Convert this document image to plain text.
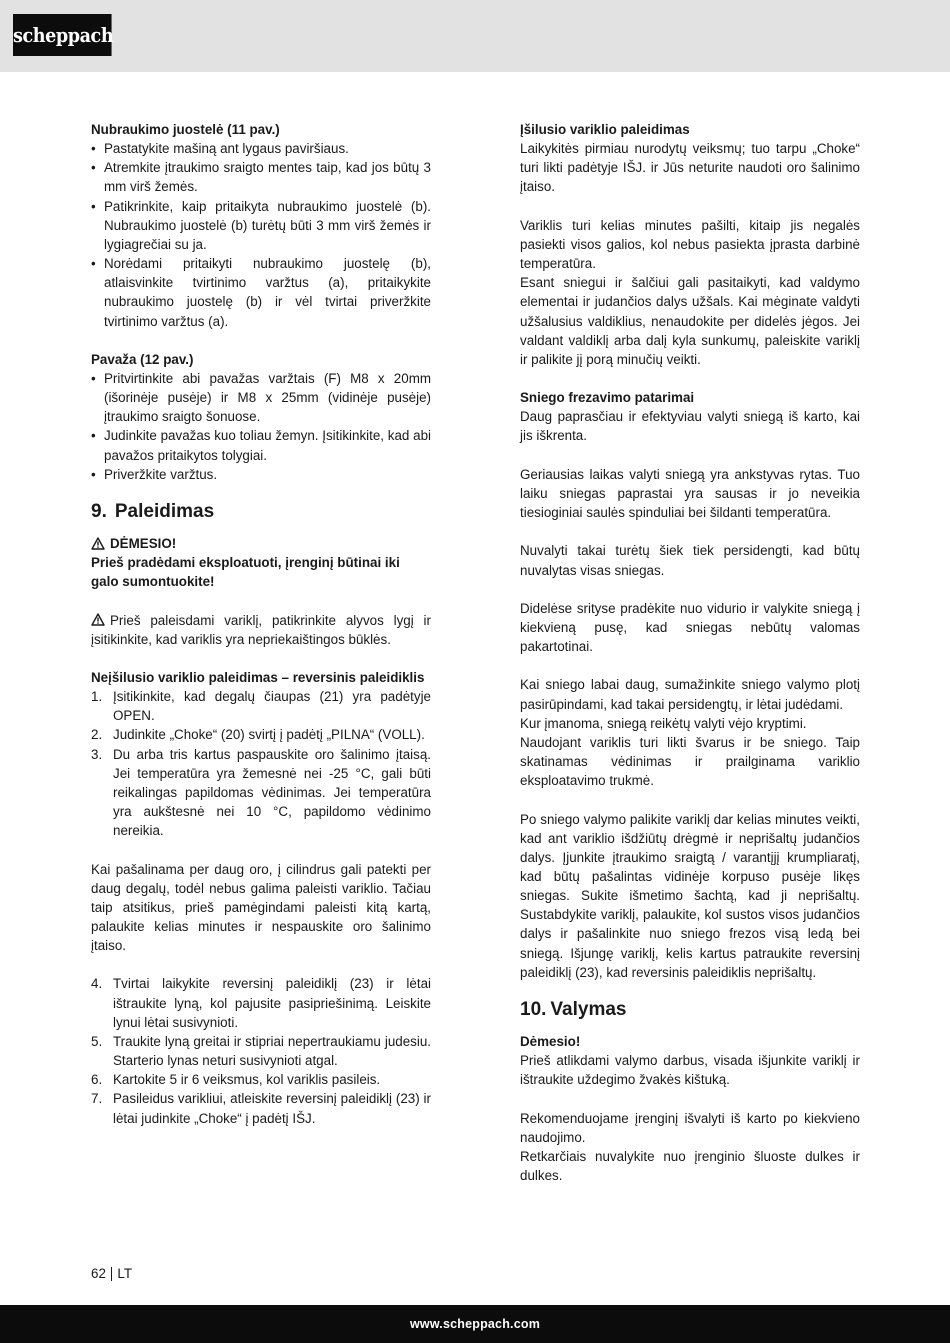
scheppach
Nubraukimo juostelė (11 pav.)
• Pastatykite mašiną ant lygaus paviršiaus.
• Atremkite įtraukimo sraigto mentes taip, kad jos būtų 3 mm virš žemės.
• Patikrinkite, kaip pritaikyta nubraukimo juostelė (b). Nubraukimo juostelė (b) turėtų būti 3 mm virš žemės ir lygiagrečiai su ja.
• Norėdami pritaikyti nubraukimo juostelę (b), atlaisvinkite tvirtinimo varžtus (a), pritaikykite nubraukimo juostelę (b) ir vėl tvirtai priveržkite tvirtinimo varžtus (a).
Pavaža (12 pav.)
• Pritvirtinkite abi pavažas varžtais (F) M8 x 20mm (išorinėje pusėje) ir M8 x 25mm (vidinėje pusėje) įtraukimo sraigto šonuose.
• Judinkite pavažas kuo toliau žemyn. Įsitikinkite, kad abi pavažos pritaikytos tolygiai.
• Priveržkite varžtus.
9. Paleidimas
DĖMESIO!
Prieš pradėdami eksploatuoti, įrenginį būtinai iki galo sumontuokite!

Prieš paleisdami variklį, patikrinkite alyvos lygį ir įsitikinkite, kad variklis yra nepriekaištingos būklės.

Neįšilusio variklio paleidimas – reversinis paleidiklis
1. Įsitikinkite, kad degalų čiaupas (21) yra padėtyje OPEN.
2. Judinkite „Choke“ (20) svirtį į padėtį „PILNA“ (VOLL).
3. Du arba tris kartus paspauskite oro šalinimo įtaisą. Jei temperatūra yra žemesnė nei -25 °C, gali būti reikalingas papildomas vėdinimas. Jei temperatūra yra aukštesnė nei 10 °C, papildomo vėdinimo nereikia.

Kai pašalinama per daug oro, į cilindrus gali patekti per daug degalų, todėl nebus galima paleisti variklio. Tačiau taip atsitikus, prieš pamėgindami paleisti kitą kartą, palaukite kelias minutes ir nespauskite oro šalinimo įtaiso.

4. Tvirtai laikykite reversinį paleidiklį (23) ir lėtai ištraukite lyną, kol pajusite pasipriešinimą. Leiskite lynui lėtai susivynioti.
5. Traukite lyną greitai ir stipriai nepertraukiamu judesiu. Starterio lynas neturi susivynioti atgal.
6. Kartokite 5 ir 6 veiksmus, kol variklis pasileis.
7. Pasileidus varikliui, atleiskite reversinį paleidiklį (23) ir lėtai judinkite „Choke“ į padėtį IŠJ.
Įšilusio variklio paleidimas

Laikykitės pirmiau nurodytų veiksmų; tuo tarpu „Choke“ turi likti padėtyje IŠJ. ir Jūs neturite naudoti oro šalinimo įtaiso.

Variklis turi kelias minutes pašilti, kitaip jis negalės pasiekti visos galios, kol nebus pasiekta įprasta darbinė temperatūra.

Esant sniegui ir šalčiui gali pasitaikyti, kad valdymo elementai ir judančios dalys užšals. Kai mėginate valdyti užšalusius valdiklius, nenaudokite per didelės jėgos. Jei valdant valdiklį arba dalį kyla sunkumų, paleiskite variklį ir palikite jį porą minučių veikti.

Sniego frezavimo patarimai

Daug paprasčiau ir efektyviau valyti sniegą iš karto, kai jis iškrenta.

Geriausias laikas valyti sniegą yra ankstyvas rytas. Tuo laiku sniegas paprastai yra sausas ir jo neveikia tiesioginiai saulės spinduliai bei šildanti temperatūra.

Nuvalyti takai turėtų šiek tiek persidengti, kad būtų nuvalytas visas sniegas.

Didelėse srityse pradėkite nuo vidurio ir valykite sniegą į kiekvieną pusę, kad sniegas nebūtų valomas pakartotinai.

Kai sniego labai daug, sumažinkite sniego valymo plotį pasirūpindami, kad takai persidengtų, ir lėtai judėdami.

Kur įmanoma, sniegą reikėtų valyti vėjo kryptimi.

Naudojant variklis turi likti švarus ir be sniego. Taip skatinamas vėdinimas ir prailginama variklio eksploatavimo trukmė.

Po sniego valymo palikite variklį dar kelias minutes veikti, kad ant variklio išdžiūtų drėgmė ir neprišaltų judančios dalys. Įjunkite įtraukimo sraigtą / varantįjį krumpliaratį, kad būtų pašalintas vidinėje korpuso pusėje likęs sniegas. Sukite išmetimo šachtą, kad ji neprišaltų. Sustabdykite variklį, palaukite, kol sustos visos judančios dalys ir pašalinkite nuo sniego frezos visą ledą bei sniegą. Išjungę variklį, kelis kartus patraukite reversinį paleidiklį (23), kad reversinis paleidiklis neprišaltų.

10. Valymas
Dėmesio!

Prieš atlikdami valymo darbus, visada išjunkite variklį ir ištraukite uždegimo žvakės kištuką.

Rekomenduojame įrenginį išvalyti iš karto po kiekvieno naudojimo.

Retkarčiais nuvalykite nuo įrenginio šluoste dulkes ir dulkes.

62 LT
www.scheppach.com
